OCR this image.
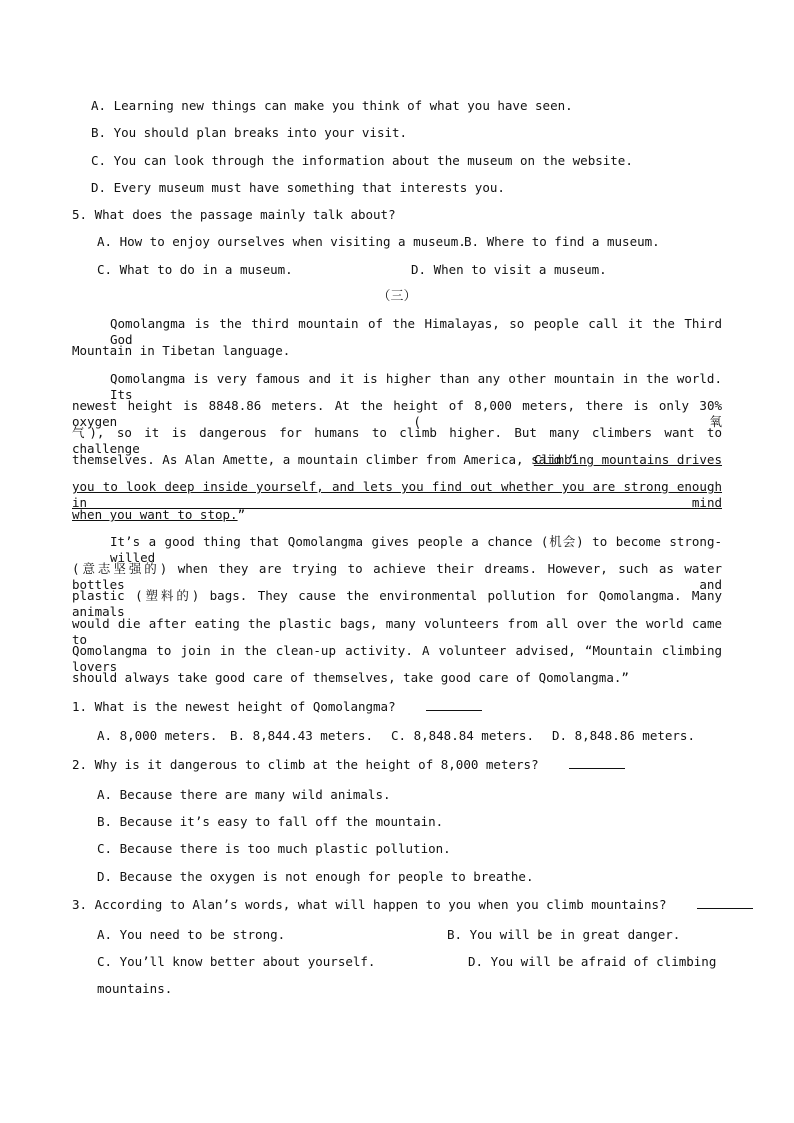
A. Learning new things can make you think of what you have seen.
B. You should plan breaks into your visit.
C. You can look through the information about the museum on the website.
D. Every museum must have something that interests you.
5. What does the passage mainly talk about?
A. How to enjoy ourselves when visiting a museum.
B. Where to find a museum.
C. What to do in a museum.	D. When to visit a museum.
（三）
Qomolangma is the third mountain of the Himalayas, so people call it the Third God
Mountain in Tibetan language.
Qomolangma is very famous and it is higher than any other mountain in the world. Its
newest height is 8848.86 meters. At the height of 8,000 meters, there is only 30% oxygen (氧
气), so it is dangerous for humans to climb higher. But many climbers want to challenge
themselves. As Alan Amette, a mountain climber from America, said “
Climbing mountains drives
you to look deep inside yourself, and lets you find out whether you are strong enough in mind
when you want to stop.”
It’s a good thing that Qomolangma gives people a chance (机会) to become strong-willed
(意志坚强的) when they are trying to achieve their dreams. However, such as water bottles and
plastic (塑料的) bags. They cause the environmental pollution for Qomolangma. Many animals
would die after eating the plastic bags, many volunteers from all over the world came to
Qomolangma to join in the clean-up activity. A volunteer advised, “Mountain climbing lovers
should always take good care of themselves, take good care of Qomolangma.”
1. What is the newest height of Qomolangma?
A. 8,000 meters. B. 8,844.43 meters. C. 8,848.84 meters. D. 8,848.86 meters.
2. Why is it dangerous to climb at the height of 8,000 meters?
A. Because there are many wild animals.
B. Because it’s easy to fall off the mountain.
C. Because there is too much plastic pollution.
D. Because the oxygen is not enough for people to breathe.
3. According to Alan’s words, what will happen to you when you climb mountains?
A. You need to be strong.	B. You will be in great danger.
C. You’ll know better about yourself.	D. You will be afraid of climbing
mountains.
